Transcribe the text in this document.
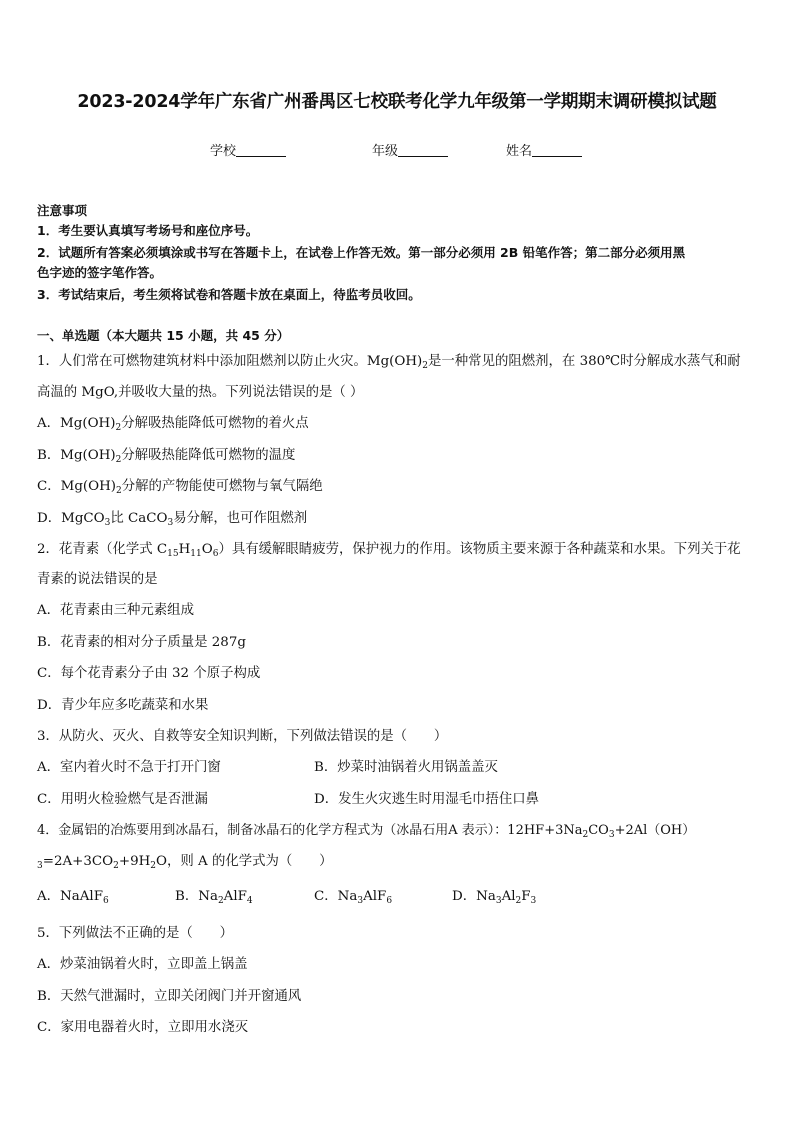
2023-2024学年广东省广州番禺区七校联考化学九年级第一学期期末调研模拟试题
学校	年级	姓名
注意事项
1．考生要认真填写考场号和座位序号。
2．试题所有答案必须填涂或书写在答题卡上，在试卷上作答无效。第一部分必须用 2B 铅笔作答；第二部分必须用黑
色字迹的签字笔作答。
3．考试结束后，考生须将试卷和答题卡放在桌面上，待监考员收回。
一、单选题（本大题共 15 小题，共 45 分）
1．人们常在可燃物建筑材料中添加阻燃剂以防止火灾。$Mg(OH)_2$是一种常见的阻燃剂，在 380℃时分解成水蒸气和耐
高温的 MgO,并吸收大量的热。下列说法错误的是（ ）
A．$Mg(OH)_2$分解吸热能降低可燃物的着火点
B．$Mg(OH)_2$分解吸热能降低可燃物的温度
C．$Mg(OH)_2$分解的产物能使可燃物与氧气隔绝
D．MgCO$_3$比 CaCO$_3$易分解，也可作阻燃剂
2．花青素（化学式 $C_{15}H_{11}O_6$）具有缓解眼睛疲劳，保护视力的作用。该物质主要来源于各种蔬菜和水果。下列关于花
青素的说法错误的是
A．花青素由三种元素组成
B．花青素的相对分子质量是 287g
C．每个花青素分子由 32 个原子构成
D．青少年应多吃蔬菜和水果
3．从防火、灭火、自救等安全知识判断，下列做法错误的是（　　）
A．室内着火时不急于打开门窗	B．炒菜时油锅着火用锅盖盖灭
C．用明火检验燃气是否泄漏	D．发生火灾逃生时用湿毛巾捂住口鼻
4．金属铝的冶炼要用到冰晶石，制备冰晶石的化学方程式为（冰晶石用A 表示）：$12HF+3Na_2CO_3+2Al(OH)$
$_3=2A+3CO_2+9H_2O$，则 A 的化学式为（　　）
A．NaAlF$_6$	B．$Na_2AlF_4$	C．$Na_3AlF_6$	D．$Na_3Al_2F_3$
5．下列做法不正确的是（　　）
A．炒菜油锅着火时，立即盖上锅盖
B．天然气泄漏时，立即关闭阀门并开窗通风
C．家用电器着火时，立即用水浇灭
